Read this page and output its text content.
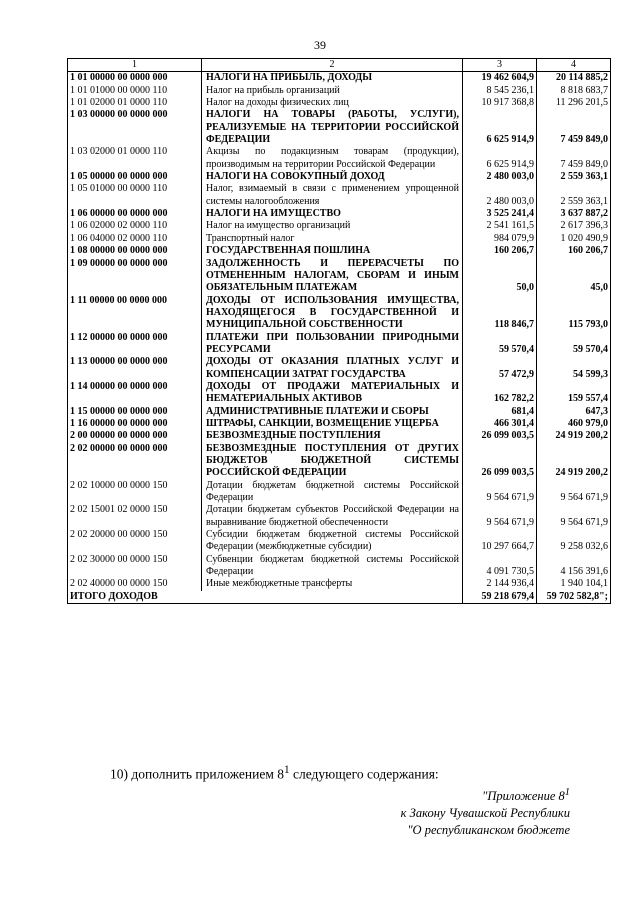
39
1	2	3	4
1 01 00000 00 0000 000	НАЛОГИ НА ПРИБЫЛЬ, ДОХОДЫ	19 462 604,9	20 114 885,2
1 01 01000 00 0000 110	Налог на прибыль организаций	8 545 236,1	8 818 683,7
1 01 02000 01 0000 110	Налог на доходы физических лиц	10 917 368,8	11 296 201,5
1 03 00000 00 0000 000	НАЛОГИ НА ТОВАРЫ (РАБОТЫ, УСЛУГИ), РЕАЛИЗУЕМЫЕ НА ТЕРРИТОРИИ РОССИЙСКОЙ ФЕДЕРАЦИИ	6 625 914,9	7 459 849,0
1 03 02000 01 0000 110	Акцизы по подакцизным товарам (продукции), производимым на территории Российской Федерации	6 625 914,9	7 459 849,0
1 05 00000 00 0000 000	НАЛОГИ НА СОВОКУПНЫЙ ДОХОД	2 480 003,0	2 559 363,1
1 05 01000 00 0000 110	Налог, взимаемый в связи с применением упрощенной системы налогообложения	2 480 003,0	2 559 363,1
1 06 00000 00 0000 000	НАЛОГИ НА ИМУЩЕСТВО	3 525 241,4	3 637 887,2
1 06 02000 02 0000 110	Налог на имущество организаций	2 541 161,5	2 617 396,3
1 06 04000 02 0000 110	Транспортный налог	984 079,9	1 020 490,9
1 08 00000 00 0000 000	ГОСУДАРСТВЕННАЯ ПОШЛИНА	160 206,7	160 206,7
1 09 00000 00 0000 000	ЗАДОЛЖЕННОСТЬ И ПЕРЕРАСЧЕТЫ ПО ОТМЕНЕННЫМ НАЛОГАМ, СБОРАМ И ИНЫМ ОБЯЗАТЕЛЬНЫМ ПЛАТЕЖАМ	50,0	45,0
1 11 00000 00 0000 000	ДОХОДЫ ОТ ИСПОЛЬЗОВАНИЯ ИМУЩЕСТВА, НАХОДЯЩЕГОСЯ В ГОСУДАРСТВЕННОЙ И МУНИЦИПАЛЬНОЙ СОБСТВЕННОСТИ	118 846,7	115 793,0
1 12 00000 00 0000 000	ПЛАТЕЖИ ПРИ ПОЛЬЗОВАНИИ ПРИРОДНЫМИ РЕСУРСАМИ	59 570,4	59 570,4
1 13 00000 00 0000 000	ДОХОДЫ ОТ ОКАЗАНИЯ ПЛАТНЫХ УСЛУГ И КОМПЕНСАЦИИ ЗАТРАТ ГОСУДАРСТВА	57 472,9	54 599,3
1 14 00000 00 0000 000	ДОХОДЫ ОТ ПРОДАЖИ МАТЕРИАЛЬНЫХ И НЕМАТЕРИАЛЬНЫХ АКТИВОВ	162 782,2	159 557,4
1 15 00000 00 0000 000	АДМИНИСТРАТИВНЫЕ ПЛАТЕЖИ И СБОРЫ	681,4	647,3
1 16 00000 00 0000 000	ШТРАФЫ, САНКЦИИ, ВОЗМЕЩЕНИЕ УЩЕРБА	466 301,4	460 979,0
2 00 00000 00 0000 000	БЕЗВОЗМЕЗДНЫЕ ПОСТУПЛЕНИЯ	26 099 003,5	24 919 200,2
2 02 00000 00 0000 000	БЕЗВОЗМЕЗДНЫЕ ПОСТУПЛЕНИЯ ОТ ДРУГИХ БЮДЖЕТОВ БЮДЖЕТНОЙ СИСТЕМЫ РОССИЙСКОЙ ФЕДЕРАЦИИ	26 099 003,5	24 919 200,2
2 02 10000 00 0000 150	Дотации бюджетам бюджетной системы Российской Федерации	9 564 671,9	9 564 671,9
2 02 15001 02 0000 150	Дотации бюджетам субъектов Российской Федерации на выравнивание бюджетной обеспеченности	9 564 671,9	9 564 671,9
2 02 20000 00 0000 150	Субсидии бюджетам бюджетной системы Российской Федерации (межбюджетные субсидии)	10 297 664,7	9 258 032,6
2 02 30000 00 0000 150	Субвенции бюджетам бюджетной системы Российской Федерации	4 091 730,5	4 156 391,6
2 02 40000 00 0000 150	Иные межбюджетные трансферты	2 144 936,4	1 940 104,1
ИТОГО ДОХОДОВ		59 218 679,4	59 702 582,8";
10) дополнить приложением $8^1$ следующего содержания:
"Приложение $8^1$
к Закону Чувашской Республики
"О республиканском бюджете
